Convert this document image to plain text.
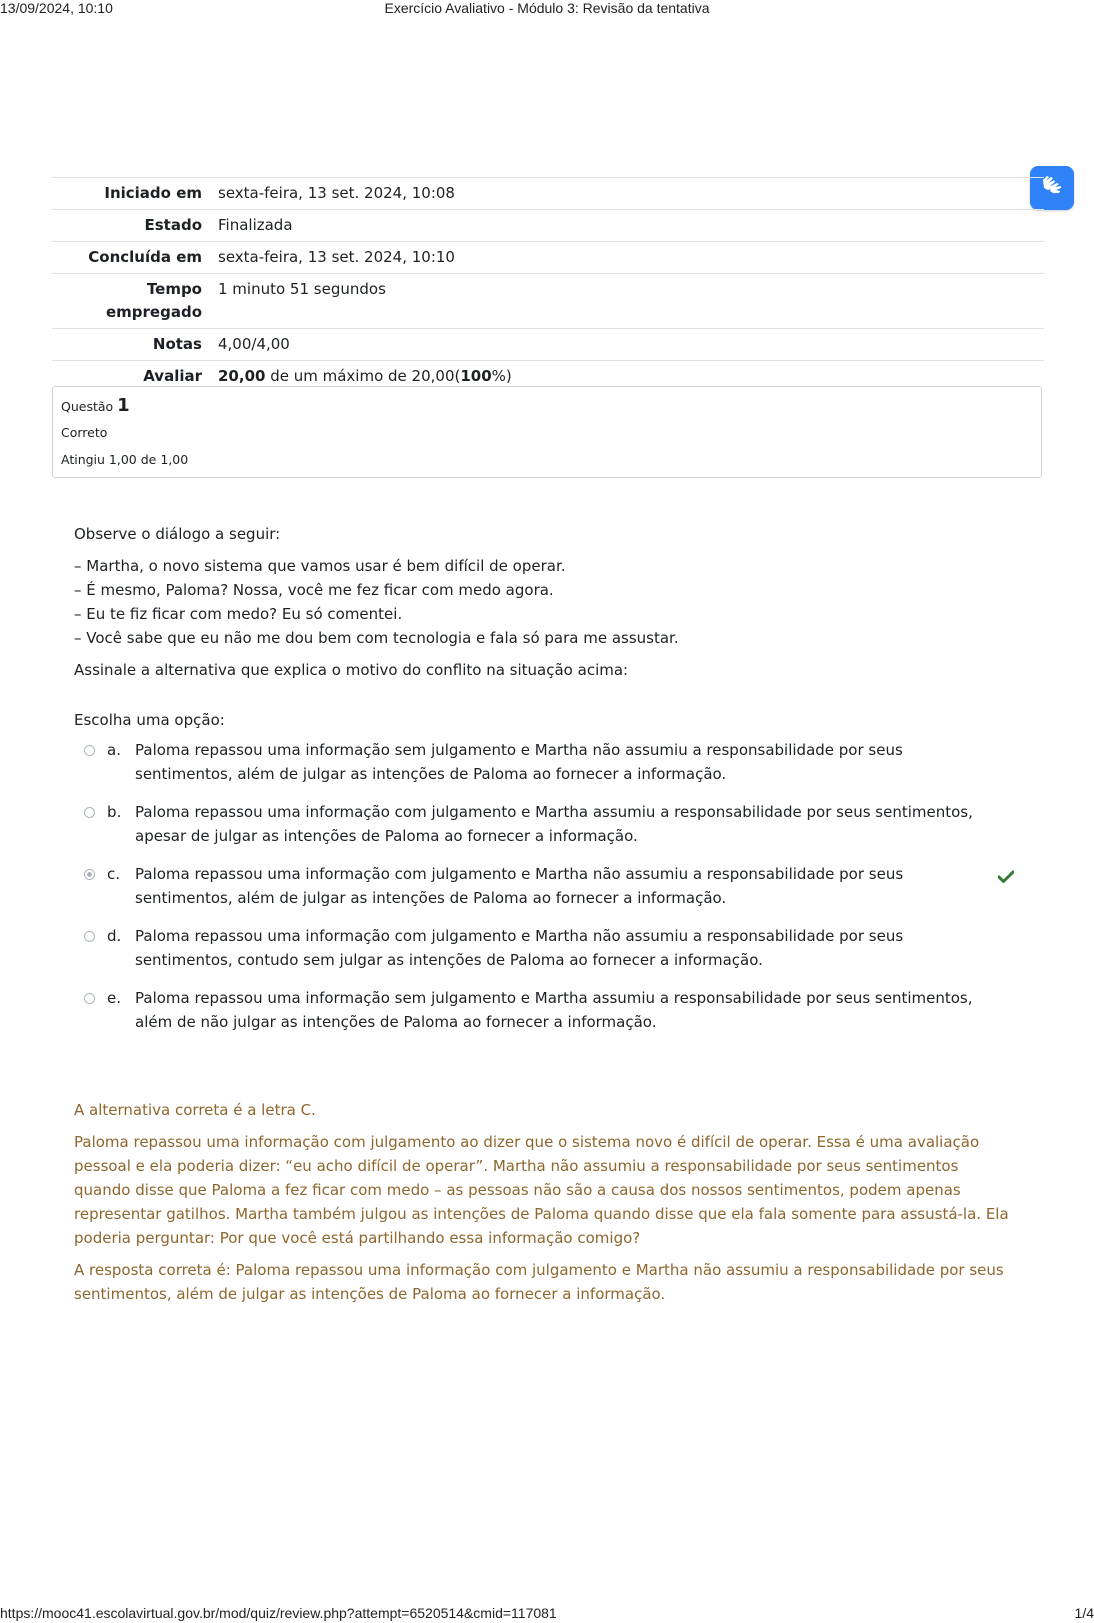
13/09/2024, 10:10	Exercício Avaliativo - Módulo 3: Revisão da tentativa
Iniciado em	sexta-feira, 13 set. 2024, 10:08
Estado	Finalizada
Concluída em	sexta-feira, 13 set. 2024, 10:10
Tempo
empregado	1 minuto 51 segundos
Notas	4,00/4,00
Avaliar	20,00 de um máximo de 20,00(100%)
Questão 1
Correto
Atingiu 1,00 de 1,00

Observe o diálogo a seguir:

– Martha, o novo sistema que vamos usar é bem difícil de operar.
– É mesmo, Paloma? Nossa, você me fez ficar com medo agora.
– Eu te fiz ficar com medo? Eu só comentei.
– Você sabe que eu não me dou bem com tecnologia e fala só para me assustar.

Assinale a alternativa que explica o motivo do conflito na situação acima:

Escolha uma opção:

a. Paloma repassou uma informação sem julgamento e Martha não assumiu a responsabilidade por seus sentimentos, além de julgar as intenções de Paloma ao fornecer a informação.
b. Paloma repassou uma informação com julgamento e Martha assumiu a responsabilidade por seus sentimentos, apesar de julgar as intenções de Paloma ao fornecer a informação.
c. Paloma repassou uma informação com julgamento e Martha não assumiu a responsabilidade por seus sentimentos, além de julgar as intenções de Paloma ao fornecer a informação.
d. Paloma repassou uma informação com julgamento e Martha não assumiu a responsabilidade por seus sentimentos, contudo sem julgar as intenções de Paloma ao fornecer a informação.
e. Paloma repassou uma informação sem julgamento e Martha assumiu a responsabilidade por seus sentimentos, além de não julgar as intenções de Paloma ao fornecer a informação.

A alternativa correta é a letra C.

Paloma repassou uma informação com julgamento ao dizer que o sistema novo é difícil de operar. Essa é uma avaliação pessoal e ela poderia dizer: “eu acho difícil de operar”. Martha não assumiu a responsabilidade por seus sentimentos quando disse que Paloma a fez ficar com medo – as pessoas não são a causa dos nossos sentimentos, podem apenas representar gatilhos. Martha também julgou as intenções de Paloma quando disse que ela fala somente para assustá-la. Ela poderia perguntar: Por que você está partilhando essa informação comigo?

A resposta correta é: Paloma repassou uma informação com julgamento e Martha não assumiu a responsabilidade por seus sentimentos, além de julgar as intenções de Paloma ao fornecer a informação.

https://mooc41.escolavirtual.gov.br/mod/quiz/review.php?attempt=6520514&cmid=117081	1/4
